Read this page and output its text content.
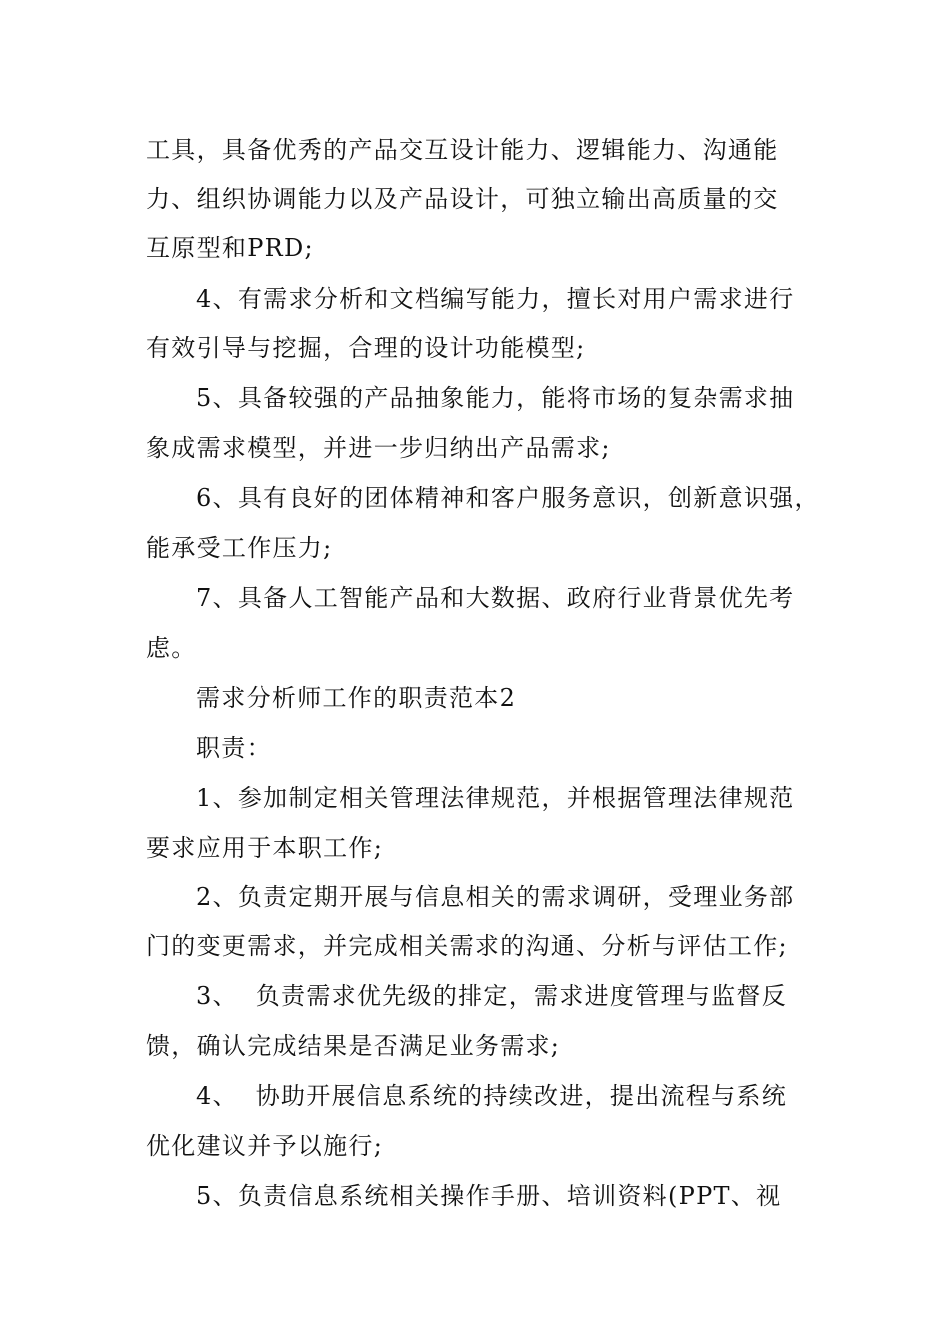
工具，具备优秀的产品交互设计能力、逻辑能力、沟通能
力、组织协调能力以及产品设计，可独立输出高质量的交
互原型和PRD;
4、有需求分析和文档编写能力，擅长对用户需求进行
有效引导与挖掘，合理的设计功能模型;
5、具备较强的产品抽象能力，能将市场的复杂需求抽
象成需求模型，并进一步归纳出产品需求;
6、具有良好的团体精神和客户服务意识，创新意识强，
能承受工作压力;
7、具备人工智能产品和大数据、政府行业背景优先考
虑。
需求分析师工作的职责范本2
职责：
1、参加制定相关管理法律规范，并根据管理法律规范
要求应用于本职工作;
2、负责定期开展与信息相关的需求调研，受理业务部
门的变更需求，并完成相关需求的沟通、分析与评估工作;
3、  负责需求优先级的排定，需求进度管理与监督反
馈，确认完成结果是否满足业务需求;
4、  协助开展信息系统的持续改进，提出流程与系统
优化建议并予以施行;
5、负责信息系统相关操作手册、培训资料(PPT、视
